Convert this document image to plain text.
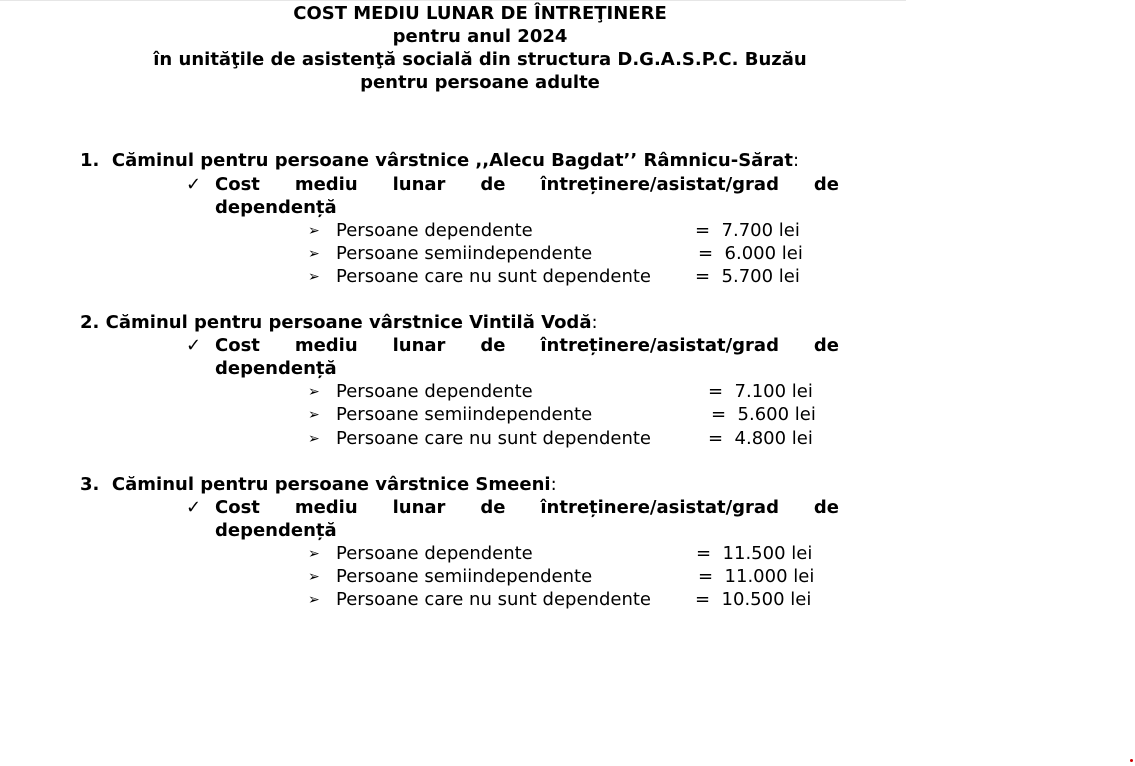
COST MEDIU LUNAR DE ÎNTREŢINERE
pentru anul 2024
în unităţile de asistenţă socială din structura D.G.A.S.P.C. Buzău
pentru persoane adulte
1. Căminul pentru persoane vârstnice ,,Alecu Bagdat’’ Râmnicu-Sărat:
✓ Cost mediu lunar de întreținere/asistat/grad de
dependență
➢ Persoane dependente	= 7.700 lei
➢ Persoane semiindependente	= 6.000 lei
➢ Persoane care nu sunt dependente = 5.700 lei
2. Căminul pentru persoane vârstnice Vintilă Vodă:
✓ Cost mediu lunar de întreținere/asistat/grad de
dependență
➢ Persoane dependente	= 7.100 lei
➢ Persoane semiindependente	= 5.600 lei
➢ Persoane care nu sunt dependente	= 4.800 lei
3. Căminul pentru persoane vârstnice Smeeni:
✓ Cost mediu lunar de întreținere/asistat/grad de
dependență
➢ Persoane dependente	= 11.500 lei
➢ Persoane semiindependente	= 11.000 lei
➢ Persoane care nu sunt dependente = 10.500 lei
